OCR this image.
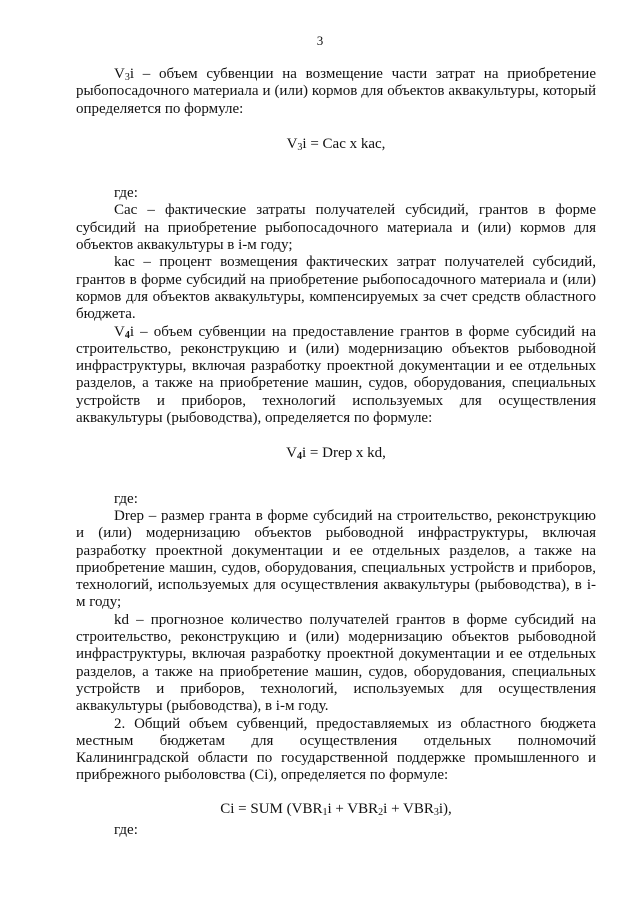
3

$V_3i$ – объем субвенции на возмещение части затрат на приобретение рыбопосадочного материала и (или) кормов для объектов аквакультуры, который определяется по формуле:

$V_3i$ = Сас х kac,

где:

Сас – фактические затраты получателей субсидий, грантов в форме субсидий на приобретение рыбопосадочного материала и (или) кормов для объектов аквакультуры в i-м году;

kac – процент возмещения фактических затрат получателей субсидий, грантов в форме субсидий на приобретение рыбопосадочного материала и (или) кормов для объектов аквакультуры, компенсируемых за счет средств областного бюджета.

$V_4i$ – объем субвенции на предоставление грантов в форме субсидий на строительство, реконструкцию и (или) модернизацию объектов рыбоводной инфраструктуры, включая разработку проектной документации и ее отдельных разделов, а также на приобретение машин, судов, оборудования, специальных устройств и приборов, технологий используемых для осуществления аквакультуры (рыбоводства), определяется по формуле:

$V_4i$ = Drep х kd,

где:

Drep – размер гранта в форме субсидий на строительство, реконструкцию и (или) модернизацию объектов рыбоводной инфраструктуры, включая разработку проектной документации и ее отдельных разделов, а также на приобретение машин, судов, оборудования, специальных устройств и приборов, технологий, используемых для осуществления аквакультуры (рыбоводства), в i-м году;

kd – прогнозное количество получателей грантов в форме субсидий на строительство, реконструкцию и (или) модернизацию объектов рыбоводной инфраструктуры, включая разработку проектной документации и ее отдельных разделов, а также на приобретение машин, судов, оборудования, специальных устройств и приборов, технологий, используемых для осуществления аквакультуры (рыбоводства), в i-м году.

2. Общий объем субвенций, предоставляемых из областного бюджета местным бюджетам для осуществления отдельных полномочий Калининградской области по государственной поддержке промышленного и прибрежного рыболовства (Сi), определяется по формуле:

Сi = SUM $(VBR_1i + VBR_2i + VBR_3i)$,

где:
